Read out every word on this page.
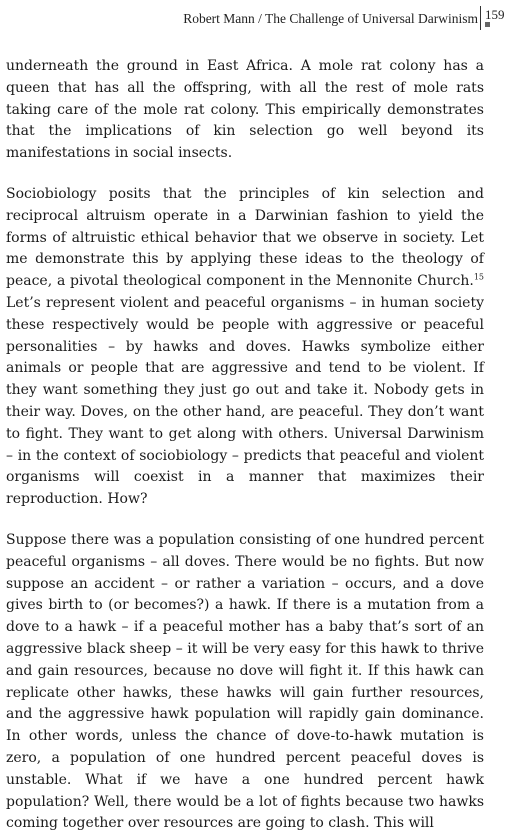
Robert Mann / The Challenge of Universal Darwinism 159

underneath the ground in East Africa. A mole rat colony has a queen that has all the offspring, with all the rest of mole rats taking care of the mole rat colony. This empirically demonstrates that the implications of kin selection go well beyond its manifestations in social insects.

Sociobiology posits that the principles of kin selection and reciprocal altruism operate in a Darwinian fashion to yield the forms of altruistic ethical behavior that we observe in society. Let me demonstrate this by applying these ideas to the theology of peace, a pivotal theological component in the Mennonite Church.$^{15}$ Let’s represent violent and peaceful organisms – in human society these respectively would be people with aggressive or peaceful personalities – by hawks and doves. Hawks symbolize either animals or people that are aggressive and tend to be violent. If they want something they just go out and take it. Nobody gets in their way. Doves, on the other hand, are peaceful. They don’t want to fight. They want to get along with others. Universal Darwinism – in the context of sociobiology – predicts that peaceful and violent organisms will coexist in a manner that maximizes their reproduction. How?

Suppose there was a population consisting of one hundred percent peaceful organisms – all doves. There would be no fights. But now suppose an accident – or rather a variation – occurs, and a dove gives birth to (or becomes?) a hawk. If there is a mutation from a dove to a hawk – if a peaceful mother has a baby that’s sort of an aggressive black sheep – it will be very easy for this hawk to thrive and gain resources, because no dove will fight it. If this hawk can replicate other hawks, these hawks will gain further resources, and the aggressive hawk population will rapidly gain dominance. In other words, unless the chance of dove-to-hawk mutation is zero, a population of one hundred percent peaceful doves is unstable. What if we have a one hundred percent hawk population? Well, there would be a lot of fights because two hawks coming together over resources are going to clash. This will
